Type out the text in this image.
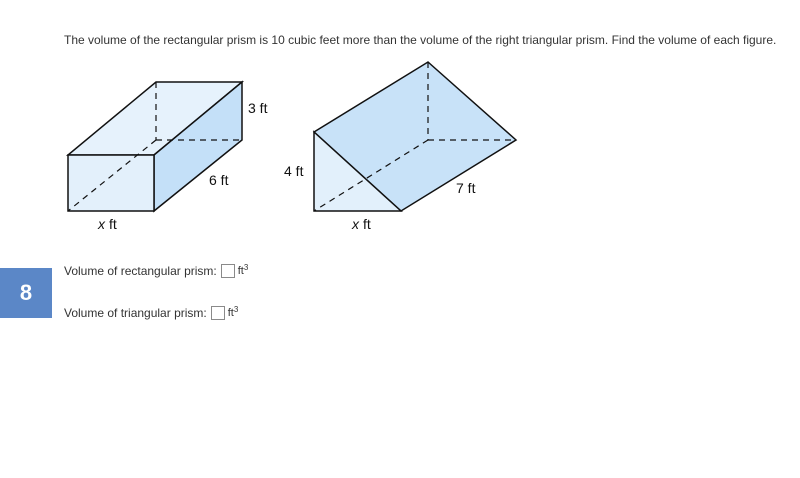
The volume of the rectangular prism is 10 cubic feet more than the volume of the right triangular prism. Find the volume of each figure.
3 ft
6 ft
x ft
4 ft
7 ft
x ft
8
Volume of rectangular prism: $ft^3$
Volume of triangular prism: $ft^3$
